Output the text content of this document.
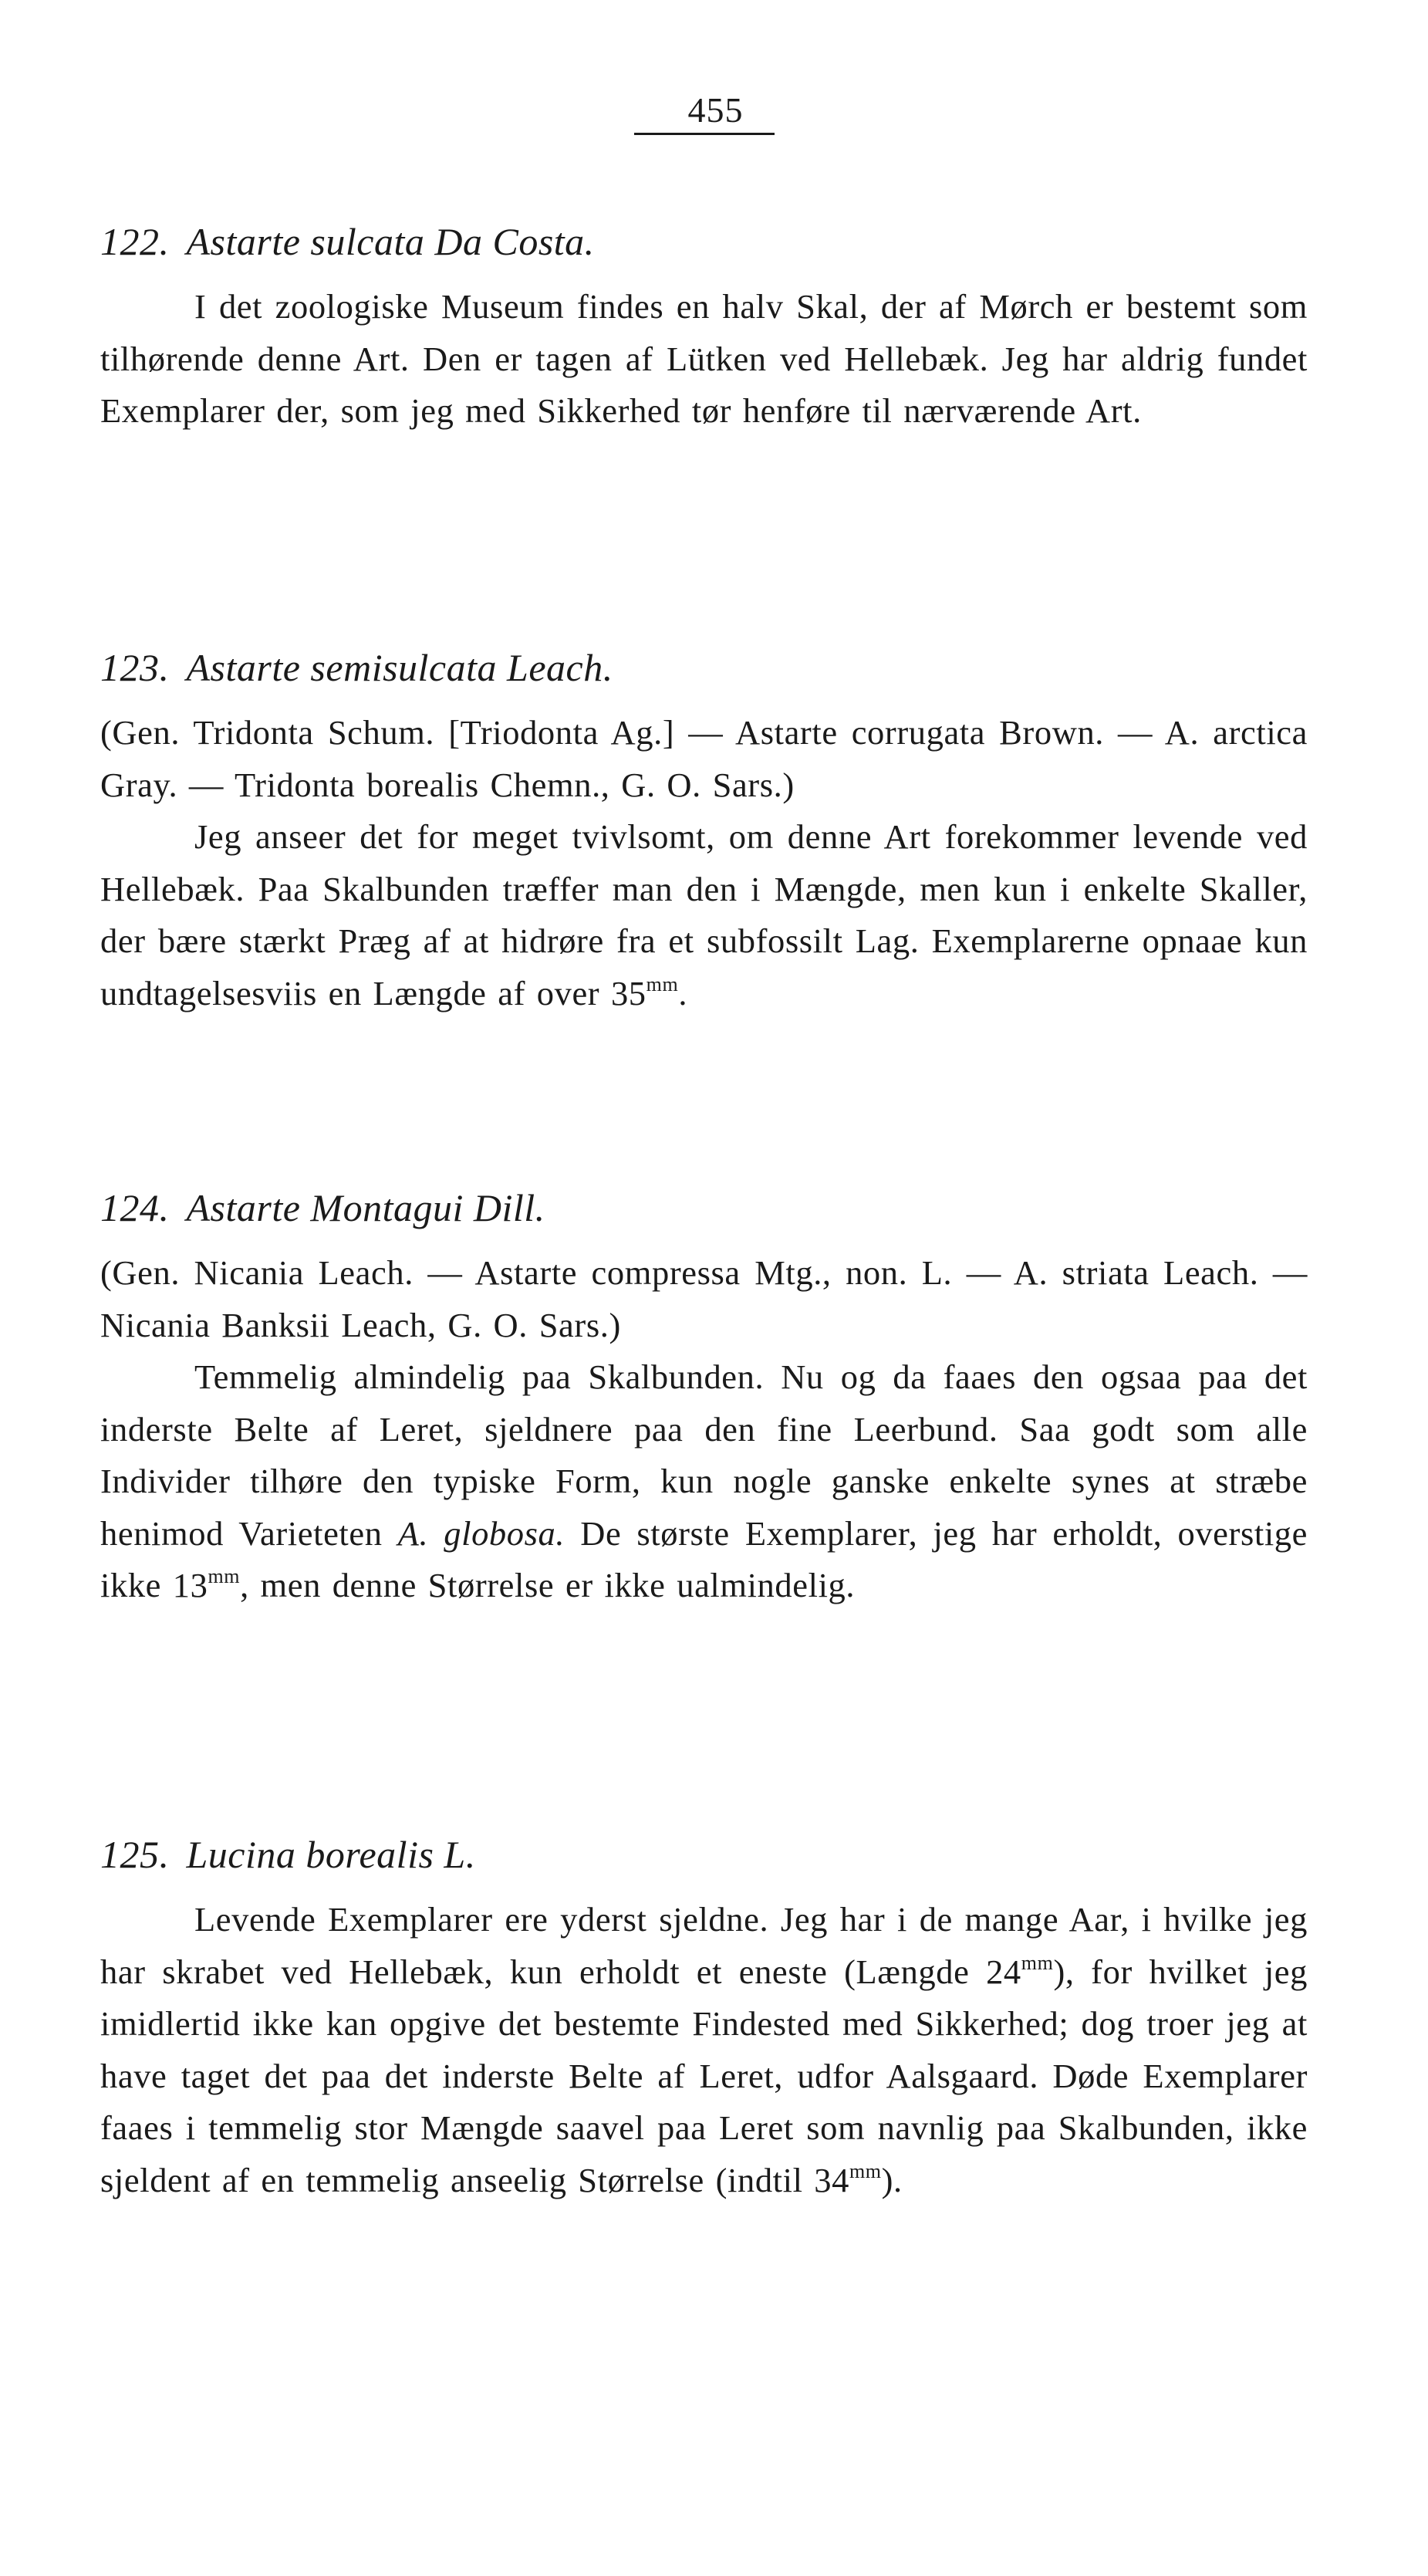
455
122. Astarte sulcata Da Costa.

I det zoologiske Museum findes en halv Skal, der af Mørch er bestemt som tilhørende denne Art. Den er tagen af Lütken ved Hellebæk. Jeg har aldrig fundet Exemplarer der, som jeg med Sikkerhed tør henføre til nærværende Art.

123. Astarte semisulcata Leach.

(Gen. Tridonta Schum. [Triodonta Ag.] — Astarte corrugata Brown. — A. arctica Gray. — Tridonta borealis Chemn., G. O. Sars.)

Jeg anseer det for meget tvivlsomt, om denne Art forekommer levende ved Hellebæk. Paa Skalbunden træffer man den i Mængde, men kun i enkelte Skaller, der bære stærkt Præg af at hidrøre fra et subfossilt Lag. Exemplarerne opnaae kun undtagelsesviis en Længde af over $35^{mm}$.

124. Astarte Montagui Dill.

(Gen. Nicania Leach. — Astarte compressa Mtg., non. L. — A. striata Leach. — Nicania Banksii Leach, G. O. Sars.)

Temmelig almindelig paa Skalbunden. Nu og da faaes den ogsaa paa det inderste Belte af Leret, sjeldnere paa den fine Leerbund. Saa godt som alle Individer tilhøre den typiske Form, kun nogle ganske enkelte synes at stræbe henimod Varieteten A. globosa. De største Exemplarer, jeg har erholdt, overstige ikke $13^{mm}$, men denne Størrelse er ikke ualmindelig.

125. Lucina borealis L.

Levende Exemplarer ere yderst sjeldne. Jeg har i de mange Aar, i hvilke jeg har skrabet ved Hellebæk, kun erholdt et eneste (Længde $24^{mm}$), for hvilket jeg imidlertid ikke kan opgive det bestemte Findested med Sikkerhed; dog troer jeg at have taget det paa det inderste Belte af Leret, udfor Aalsgaard. Døde Exemplarer faaes i temmelig stor Mængde saavel paa Leret som navnlig paa Skalbunden, ikke sjeldent af en temmelig anseelig Størrelse (indtil $34^{mm}$).
